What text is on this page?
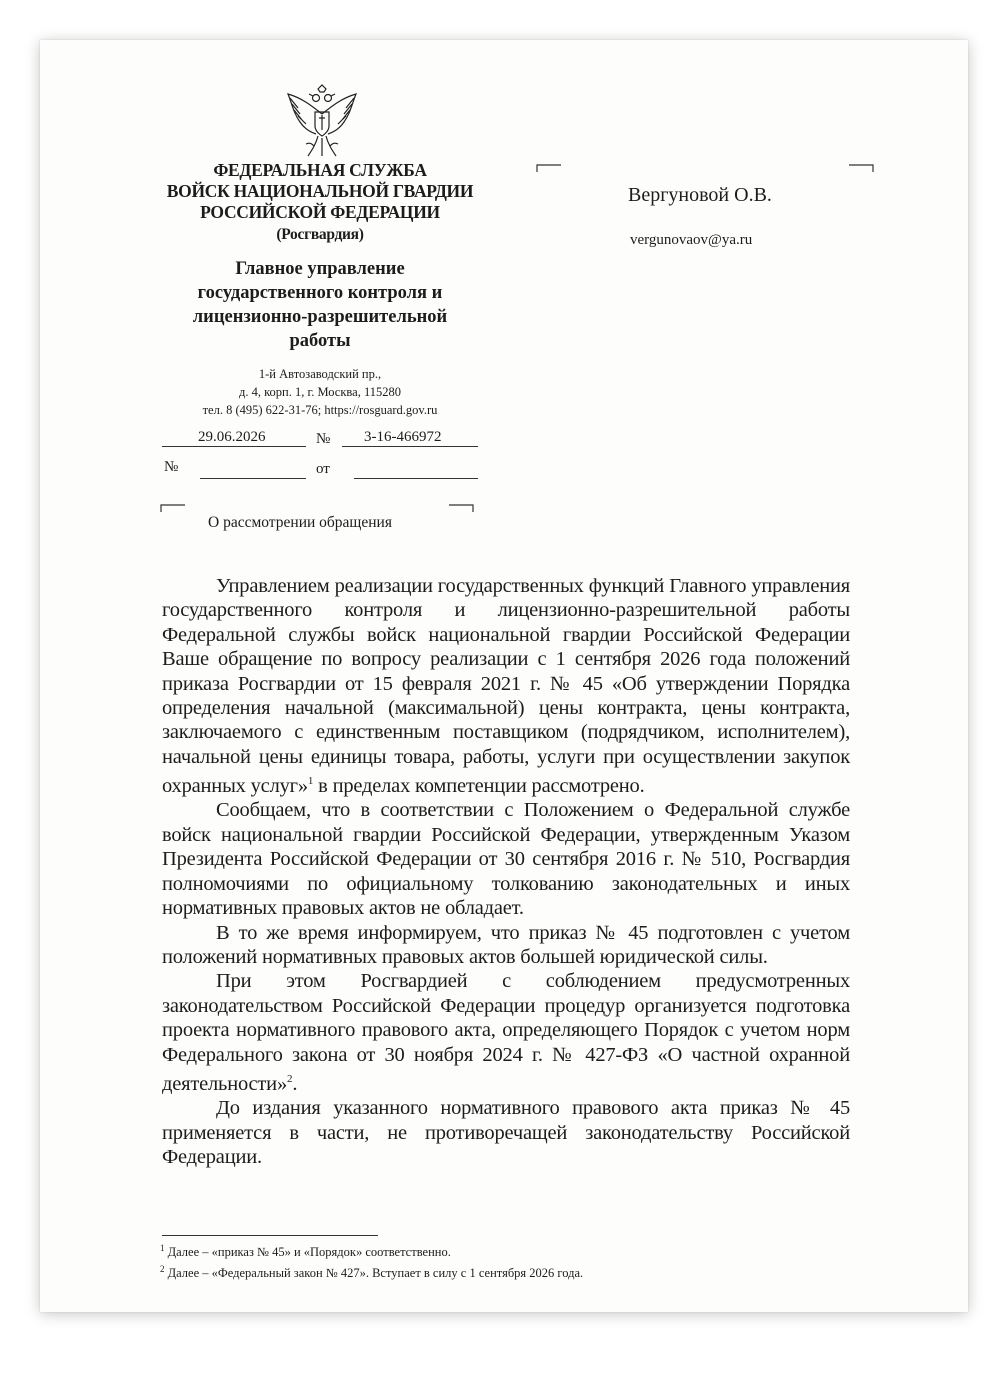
ФЕДЕРАЛЬНАЯ СЛУЖБА
ВОЙСК НАЦИОНАЛЬНОЙ ГВАРДИИ
РОССИЙСКОЙ ФЕДЕРАЦИИ
(Росгвардия)
Главное управление
государственного контроля и
лицензионно-разрешительной
работы
1-й Автозаводский пр.,
д. 4, корп. 1, г. Москва, 115280
тел. 8 (495) 622-31-76; https://rosguard.gov.ru
29.06.2026	№ 3-16-466972
№	от
О рассмотрении обращения
Вергуновой О.В.
vergunovaov@ya.ru

Управлением реализации государственных функций Главного управления государственного контроля и лицензионно-разрешительной работы Федеральной службы войск национальной гвардии Российской Федерации Ваше обращение по вопросу реализации с 1 сентября 2026 года положений приказа Росгвардии от 15 февраля 2021 г. № 45 «Об утверждении Порядка определения начальной (максимальной) цены контракта, цены контракта, заключаемого с единственным поставщиком (подрядчиком, исполнителем), начальной цены единицы товара, работы, услуги при осуществлении закупок охранных услуг»$^1$ в пределах компетенции рассмотрено.

Сообщаем, что в соответствии с Положением о Федеральной службе войск национальной гвардии Российской Федерации, утвержденным Указом Президента Российской Федерации от 30 сентября 2016 г. № 510, Росгвардия полномочиями по официальному толкованию законодательных и иных нормативных правовых актов не обладает.

В то же время информируем, что приказ № 45 подготовлен с учетом положений нормативных правовых актов большей юридической силы.

При этом Росгвардией с соблюдением предусмотренных законодательством Российской Федерации процедур организуется подготовка проекта нормативного правового акта, определяющего Порядок с учетом норм Федерального закона от 30 ноября 2024 г. № 427-ФЗ «О частной охранной деятельности»$^2$.

До издания указанного нормативного правового акта приказ № 45 применяется в части, не противоречащей законодательству Российской Федерации.

$^1$ Далее – «приказ № 45» и «Порядок» соответственно.
$^2$ Далее – «Федеральный закон № 427». Вступает в силу с 1 сентября 2026 года.
